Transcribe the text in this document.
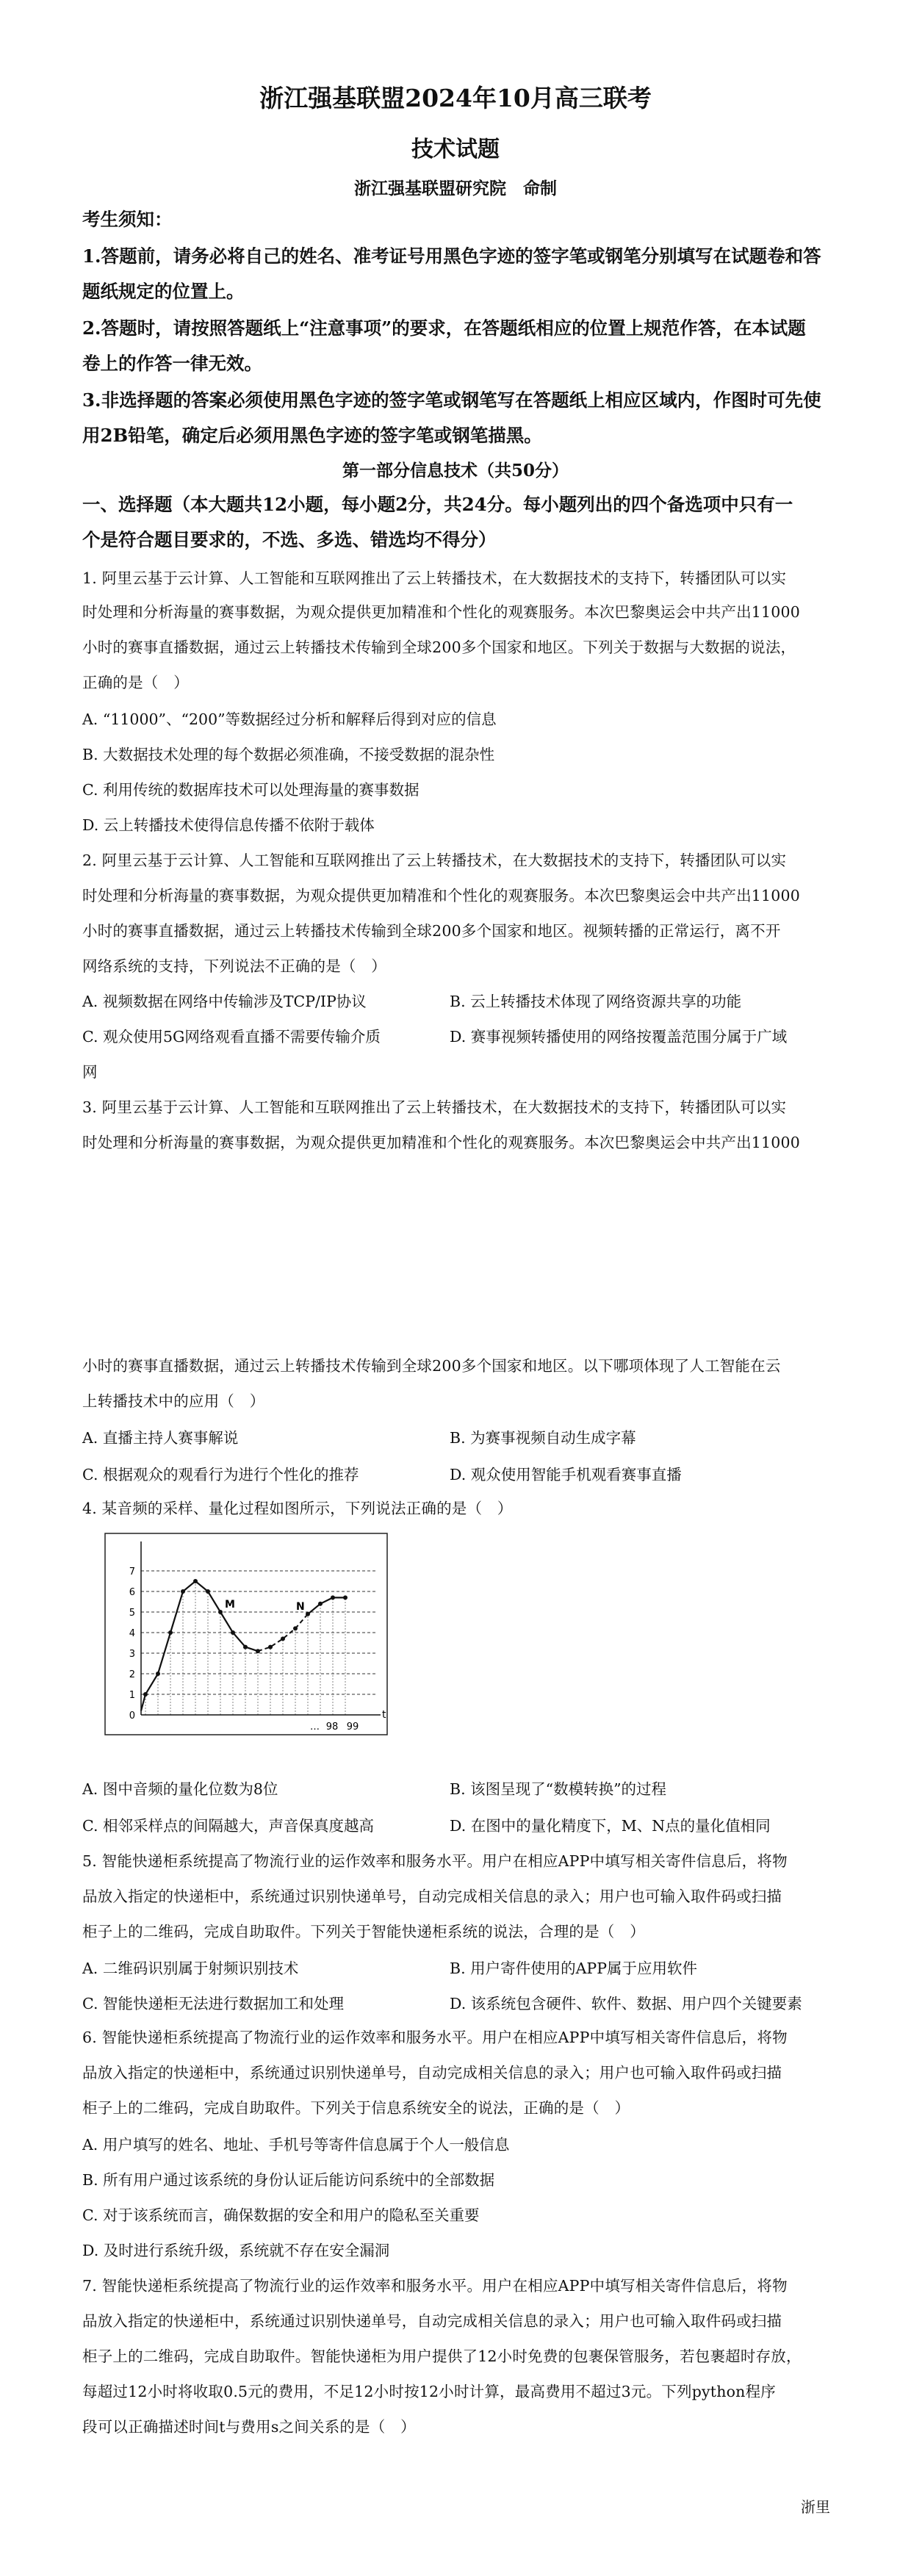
浙江强基联盟2024年10月高三联考
技术试题
浙江强基联盟研究院　命制
考生须知：
1.答题前，请务必将自己的姓名、准考证号用黑色字迹的签字笔或钢笔分别填写在试题卷和答
题纸规定的位置上。
2.答题时，请按照答题纸上“注意事项”的要求，在答题纸相应的位置上规范作答，在本试题
卷上的作答一律无效。
3.非选择题的答案必须使用黑色字迹的签字笔或钢笔写在答题纸上相应区域内，作图时可先使
用2B铅笔，确定后必须用黑色字迹的签字笔或钢笔描黑。
第一部分信息技术（共50分）
一、选择题（本大题共12小题，每小题2分，共24分。每小题列出的四个备选项中只有一
个是符合题目要求的，不选、多选、错选均不得分）
1. 阿里云基于云计算、人工智能和互联网推出了云上转播技术，在大数据技术的支持下，转播团队可以实
时处理和分析海量的赛事数据，为观众提供更加精准和个性化的观赛服务。本次巴黎奥运会中共产出11000
小时的赛事直播数据，通过云上转播技术传输到全球200多个国家和地区。下列关于数据与大数据的说法，
正确的是（　）
A. “11000”、“200”等数据经过分析和解释后得到对应的信息
B. 大数据技术处理的每个数据必须准确，不接受数据的混杂性
C. 利用传统的数据库技术可以处理海量的赛事数据
D. 云上转播技术使得信息传播不依附于载体
2. 阿里云基于云计算、人工智能和互联网推出了云上转播技术，在大数据技术的支持下，转播团队可以实
时处理和分析海量的赛事数据，为观众提供更加精准和个性化的观赛服务。本次巴黎奥运会中共产出11000
小时的赛事直播数据，通过云上转播技术传输到全球200多个国家和地区。视频转播的正常运行，离不开
网络系统的支持，下列说法不正确的是（　）
A. 视频数据在网络中传输涉及TCP/IP协议	B. 云上转播技术体现了网络资源共享的功能
C. 观众使用5G网络观看直播不需要传输介质	D. 赛事视频转播使用的网络按覆盖范围分属于广域
网
3. 阿里云基于云计算、人工智能和互联网推出了云上转播技术，在大数据技术的支持下，转播团队可以实
时处理和分析海量的赛事数据，为观众提供更加精准和个性化的观赛服务。本次巴黎奥运会中共产出11000
小时的赛事直播数据，通过云上转播技术传输到全球200多个国家和地区。以下哪项体现了人工智能在云
上转播技术中的应用（　）
A. 直播主持人赛事解说	B. 为赛事视频自动生成字幕
C. 根据观众的观看行为进行个性化的推荐	D. 观众使用智能手机观看赛事直播
4. 某音频的采样、量化过程如图所示，下列说法正确的是（　）
0
1
2
3
4
5
6
7
M	N
… 98 99
t
A. 图中音频的量化位数为8位	B. 该图呈现了“数模转换”的过程
C. 相邻采样点的间隔越大，声音保真度越高	D. 在图中的量化精度下，M、N点的量化值相同
5. 智能快递柜系统提高了物流行业的运作效率和服务水平。用户在相应APP中填写相关寄件信息后，将物
品放入指定的快递柜中，系统通过识别快递单号，自动完成相关信息的录入；用户也可输入取件码或扫描
柜子上的二维码，完成自助取件。下列关于智能快递柜系统的说法，合理的是（　）
A. 二维码识别属于射频识别技术	B. 用户寄件使用的APP属于应用软件
C. 智能快递柜无法进行数据加工和处理	D. 该系统包含硬件、软件、数据、用户四个关键要素
6. 智能快递柜系统提高了物流行业的运作效率和服务水平。用户在相应APP中填写相关寄件信息后，将物
品放入指定的快递柜中，系统通过识别快递单号，自动完成相关信息的录入；用户也可输入取件码或扫描
柜子上的二维码，完成自助取件。下列关于信息系统安全的说法，正确的是（　）
A. 用户填写的姓名、地址、手机号等寄件信息属于个人一般信息
B. 所有用户通过该系统的身份认证后能访问系统中的全部数据
C. 对于该系统而言，确保数据的安全和用户的隐私至关重要
D. 及时进行系统升级，系统就不存在安全漏洞
7. 智能快递柜系统提高了物流行业的运作效率和服务水平。用户在相应APP中填写相关寄件信息后，将物
品放入指定的快递柜中，系统通过识别快递单号，自动完成相关信息的录入；用户也可输入取件码或扫描
柜子上的二维码，完成自助取件。智能快递柜为用户提供了12小时免费的包裹保管服务，若包裹超时存放，
每超过12小时将收取0.5元的费用，不足12小时按12小时计算，最高费用不超过3元。下列python程序
段可以正确描述时间t与费用s之间关系的是（　）
浙里
